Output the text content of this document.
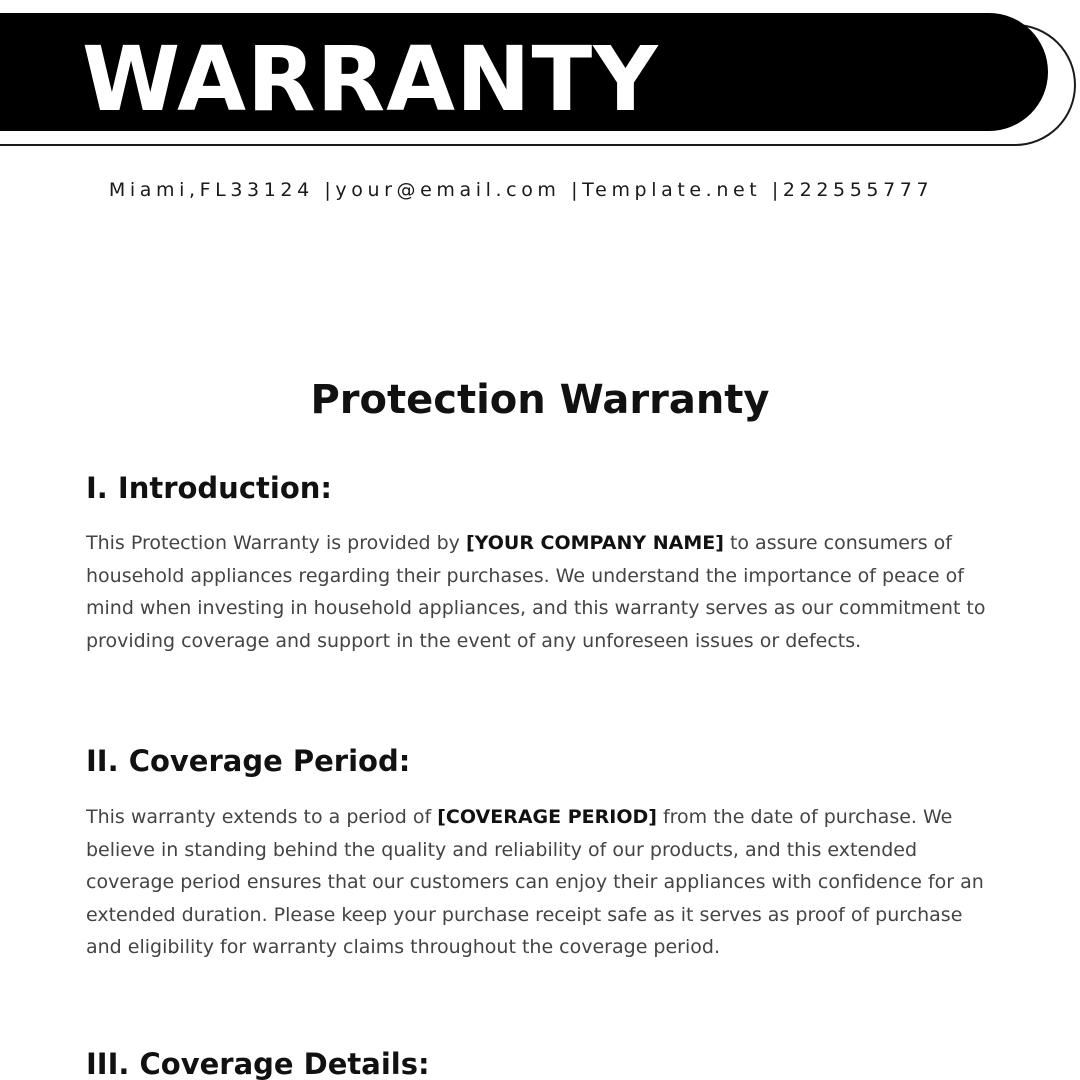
WARRANTY
Miami,FL33124 |your@email.com |Template.net |222555777
Protection Warranty
I. Introduction:

This Protection Warranty is provided by [YOUR COMPANY NAME] to assure consumers of household appliances regarding their purchases. We understand the importance of peace of mind when investing in household appliances, and this warranty serves as our commitment to providing coverage and support in the event of any unforeseen issues or defects.

II. Coverage Period:

This warranty extends to a period of [COVERAGE PERIOD] from the date of purchase. We believe in standing behind the quality and reliability of our products, and this extended coverage period ensures that our customers can enjoy their appliances with confidence for an extended duration. Please keep your purchase receipt safe as it serves as proof of purchase and eligibility for warranty claims throughout the coverage period.

III. Coverage Details:
